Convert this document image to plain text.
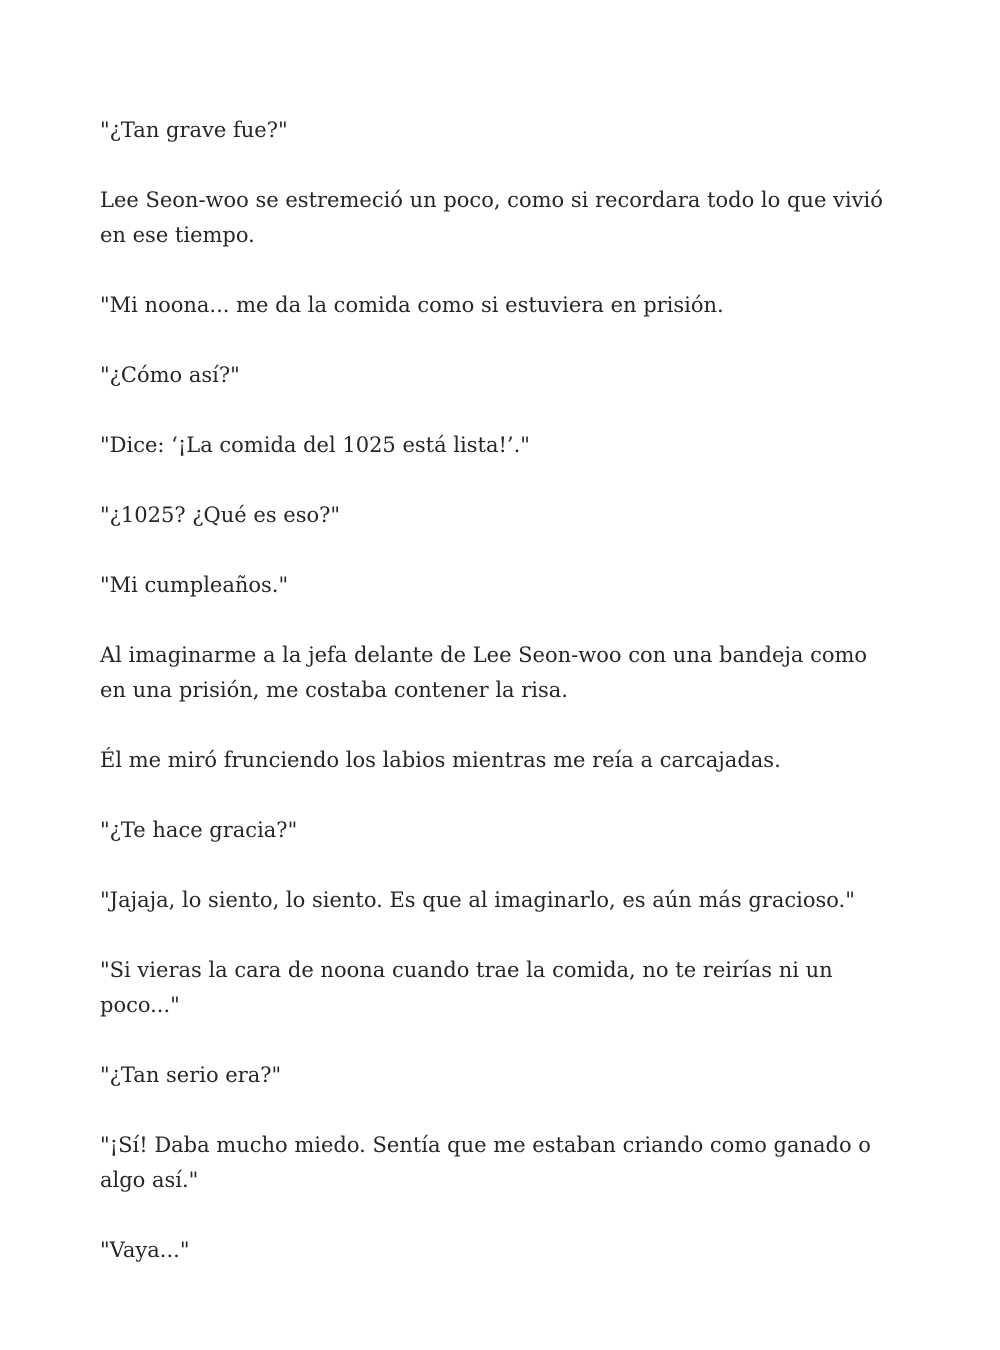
"¿Tan grave fue?"

Lee Seon-woo se estremeció un poco, como si recordara todo lo que vivió en ese tiempo.

"Mi noona... me da la comida como si estuviera en prisión.

"¿Cómo así?"

"Dice: ‘¡La comida del 1025 está lista!’."

"¿1025? ¿Qué es eso?"

"Mi cumpleaños."

Al imaginarme a la jefa delante de Lee Seon-woo con una bandeja como en una prisión, me costaba contener la risa.

Él me miró frunciendo los labios mientras me reía a carcajadas.

"¿Te hace gracia?"

"Jajaja, lo siento, lo siento. Es que al imaginarlo, es aún más gracioso."

"Si vieras la cara de noona cuando trae la comida, no te reirías ni un poco..."

"¿Tan serio era?"

"¡Sí! Daba mucho miedo. Sentía que me estaban criando como ganado o algo así."

"Vaya..."
